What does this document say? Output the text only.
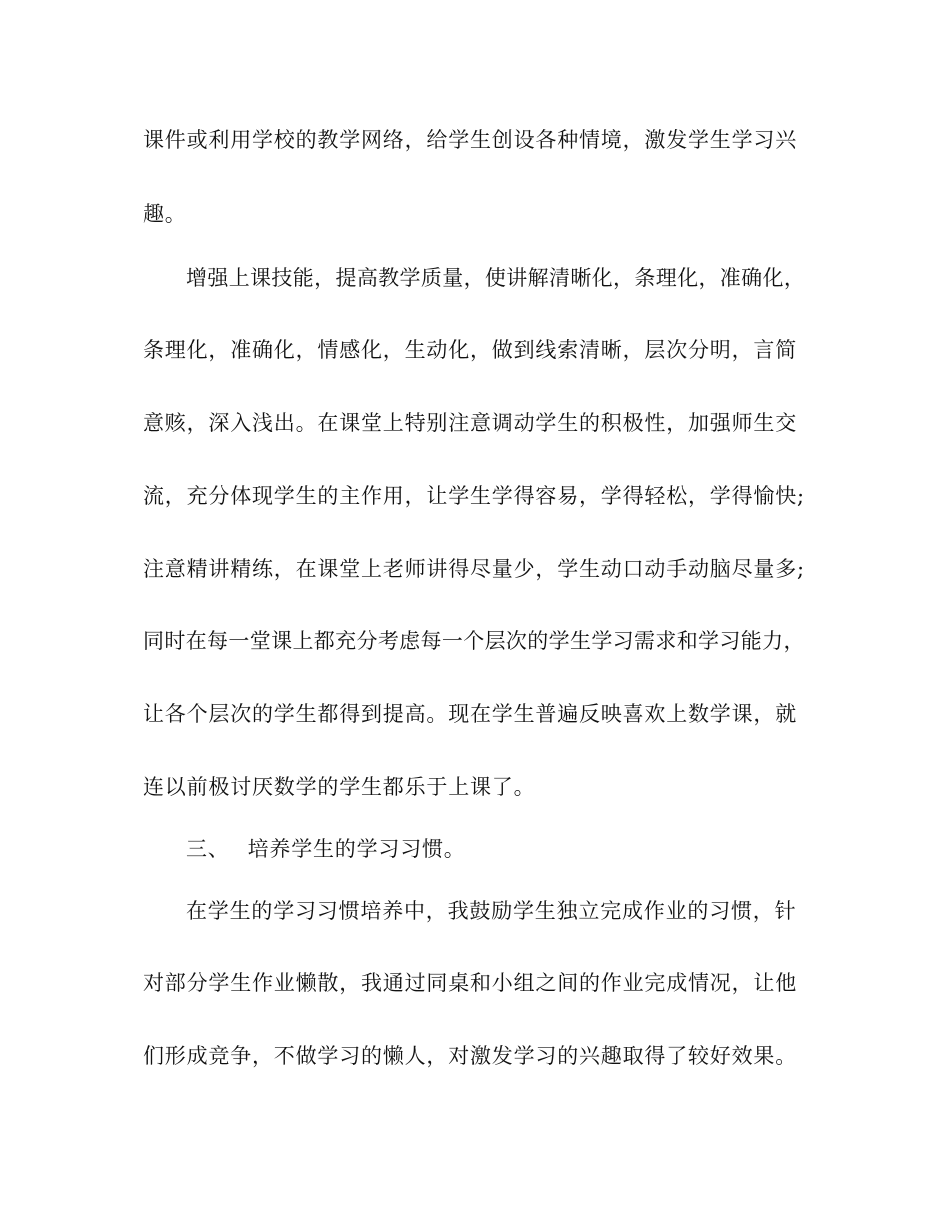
课件或利用学校的教学网络，给学生创设各种情境，激发学生学习兴
趣。
增强上课技能，提高教学质量，使讲解清晰化，条理化，准确化，
条理化，准确化，情感化，生动化，做到线索清晰，层次分明，言简
意赅，深入浅出。在课堂上特别注意调动学生的积极性，加强师生交
流，充分体现学生的主作用，让学生学得容易，学得轻松，学得愉快;
注意精讲精练，在课堂上老师讲得尽量少，学生动口动手动脑尽量多;
同时在每一堂课上都充分考虑每一个层次的学生学习需求和学习能力，
让各个层次的学生都得到提高。现在学生普遍反映喜欢上数学课，就
连以前极讨厌数学的学生都乐于上课了。
三、 培养学生的学习习惯。
在学生的学习习惯培养中，我鼓励学生独立完成作业的习惯，针
对部分学生作业懒散，我通过同桌和小组之间的作业完成情况，让他
们形成竞争，不做学习的懒人，对激发学习的兴趣取得了较好效果。
